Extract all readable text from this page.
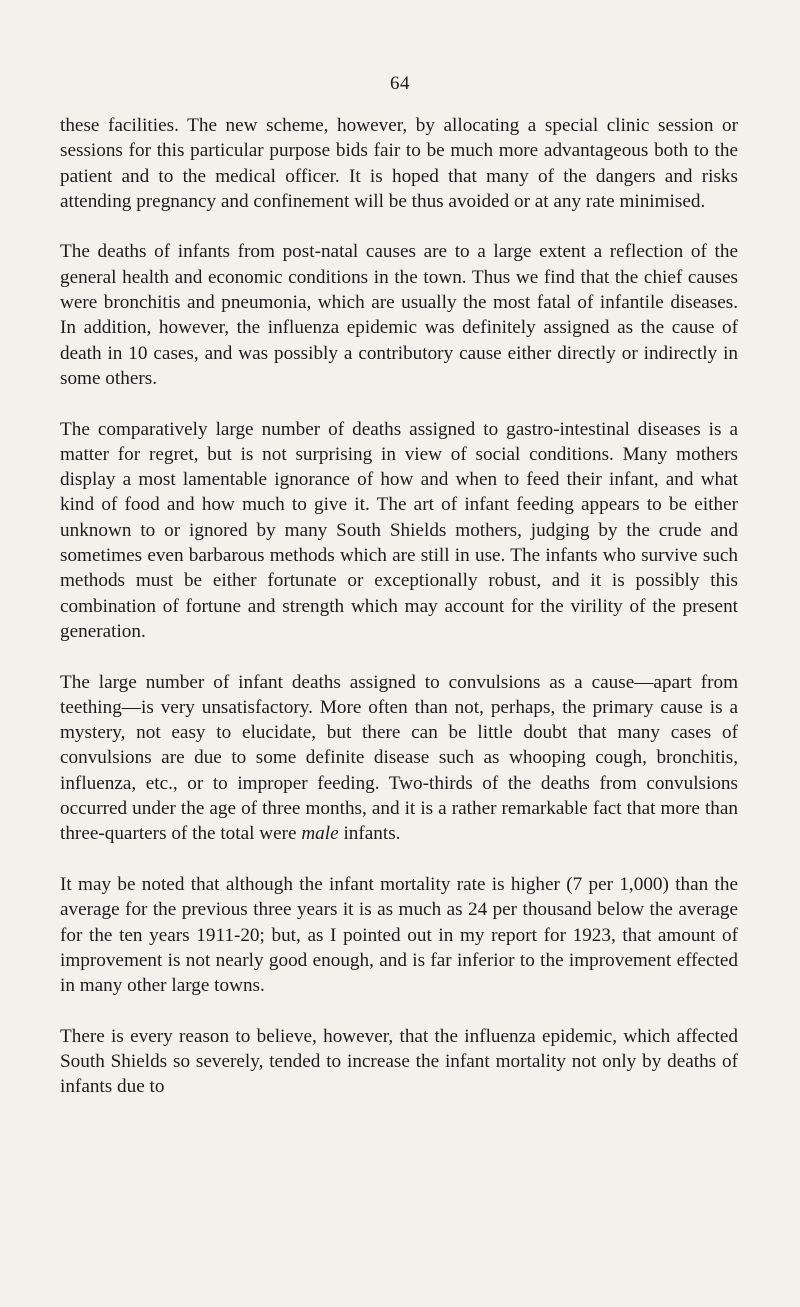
64

these facilities. The new scheme, however, by allocating a special clinic session or sessions for this particular purpose bids fair to be much more advantageous both to the patient and to the medical officer. It is hoped that many of the dangers and risks attending pregnancy and confinement will be thus avoided or at any rate minimised.

The deaths of infants from post-natal causes are to a large extent a reflection of the general health and economic conditions in the town. Thus we find that the chief causes were bronchitis and pneumonia, which are usually the most fatal of infantile diseases. In addition, however, the influenza epidemic was definitely assigned as the cause of death in 10 cases, and was possibly a contributory cause either directly or indirectly in some others.

The comparatively large number of deaths assigned to gastro-intestinal diseases is a matter for regret, but is not surprising in view of social conditions. Many mothers display a most lamentable ignorance of how and when to feed their infant, and what kind of food and how much to give it. The art of infant feeding appears to be either unknown to or ignored by many South Shields mothers, judging by the crude and sometimes even barbarous methods which are still in use. The infants who survive such methods must be either fortunate or exceptionally robust, and it is possibly this combination of fortune and strength which may account for the virility of the present generation.

The large number of infant deaths assigned to convulsions as a cause—apart from teething—is very unsatisfactory. More often than not, perhaps, the primary cause is a mystery, not easy to elucidate, but there can be little doubt that many cases of convulsions are due to some definite disease such as whooping cough, bronchitis, influenza, etc., or to improper feeding. Two-thirds of the deaths from convulsions occurred under the age of three months, and it is a rather remarkable fact that more than three-quarters of the total were male infants.

It may be noted that although the infant mortality rate is higher (7 per 1,000) than the average for the previous three years it is as much as 24 per thousand below the average for the ten years 1911-20; but, as I pointed out in my report for 1923, that amount of improvement is not nearly good enough, and is far inferior to the improvement effected in many other large towns.

There is every reason to believe, however, that the influenza epidemic, which affected South Shields so severely, tended to increase the infant mortality not only by deaths of infants due to
